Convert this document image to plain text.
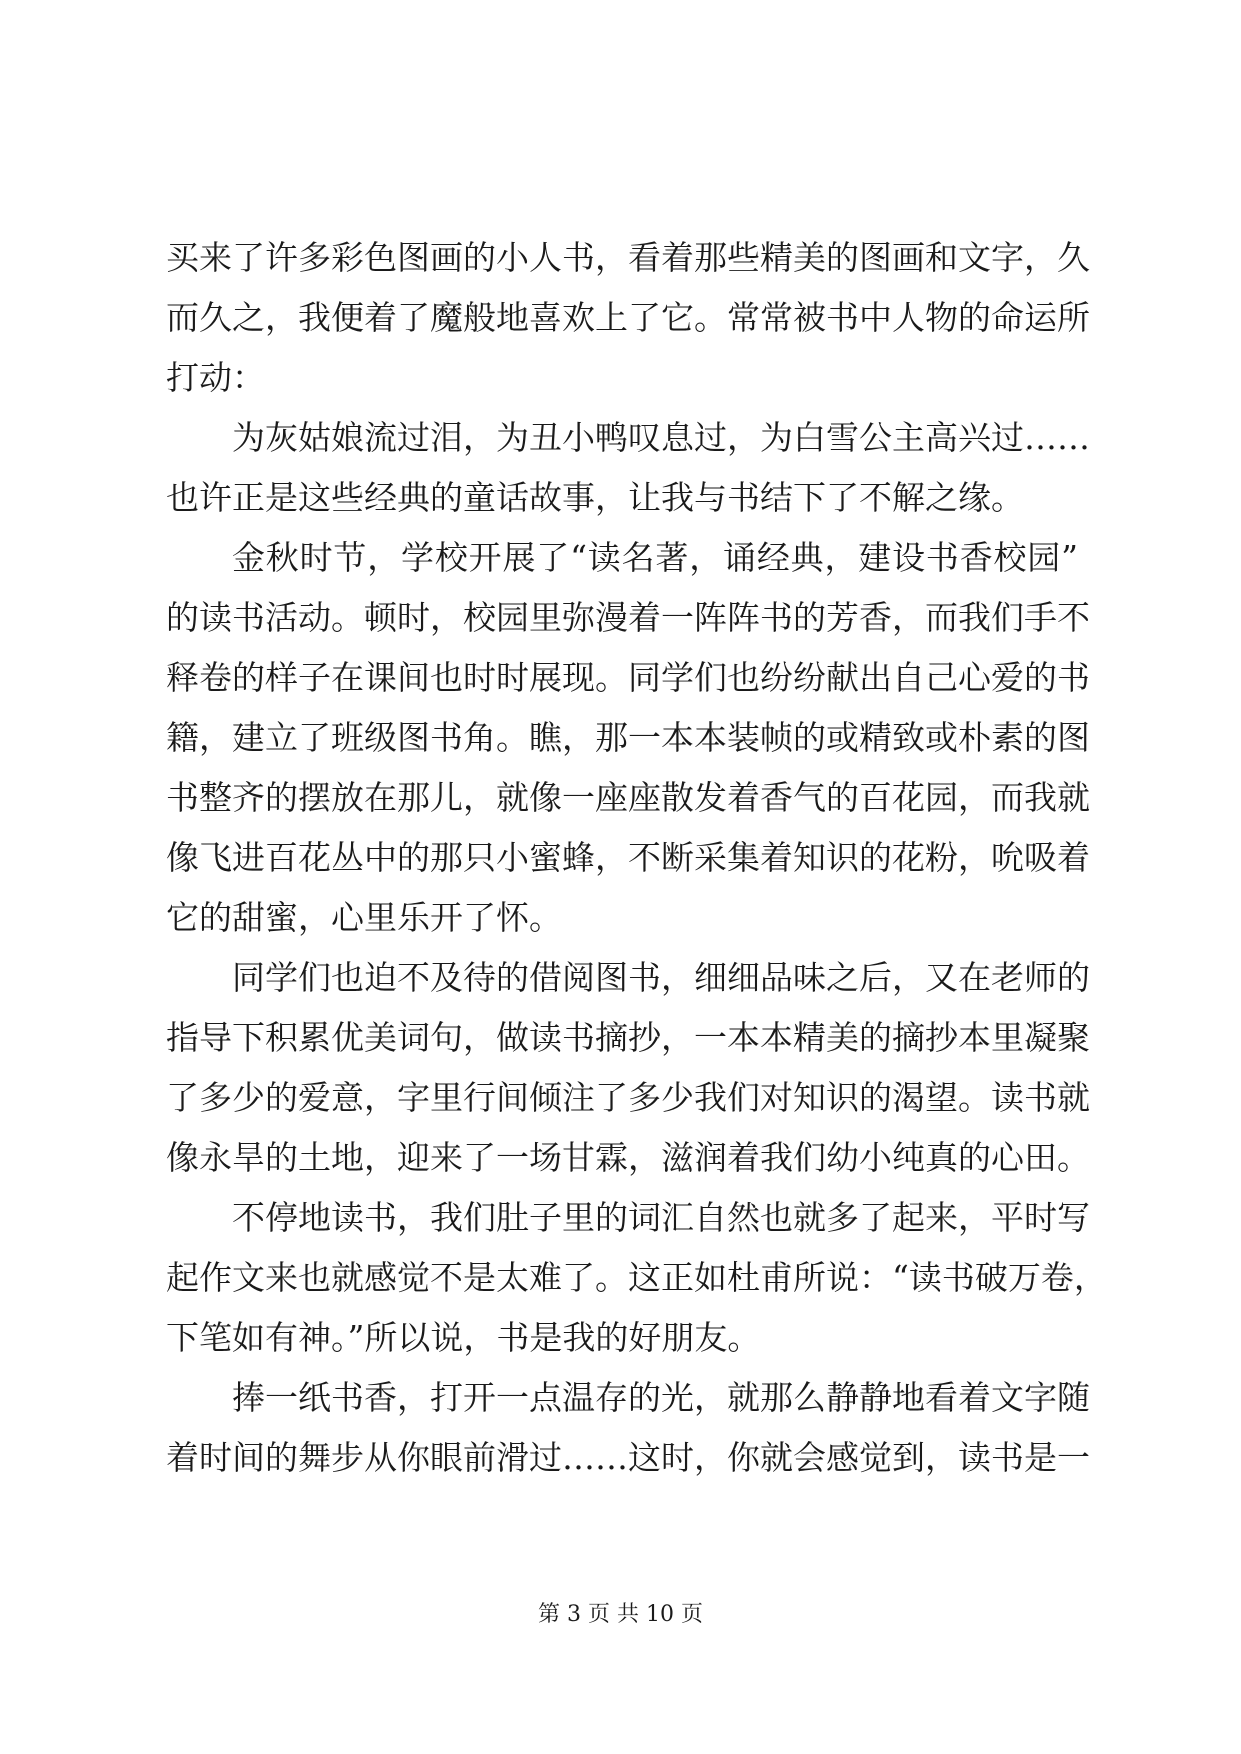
买来了许多彩色图画的小人书，看着那些精美的图画和文字，久
而久之，我便着了魔般地喜欢上了它。常常被书中人物的命运所
打动：
为灰姑娘流过泪，为丑小鸭叹息过，为白雪公主高兴过……
也许正是这些经典的童话故事，让我与书结下了不解之缘。
金秋时节，学校开展了“读名著，诵经典，建设书香校园”
的读书活动。顿时，校园里弥漫着一阵阵书的芳香，而我们手不
释卷的样子在课间也时时展现。同学们也纷纷献出自己心爱的书
籍，建立了班级图书角。瞧，那一本本装帧的或精致或朴素的图
书整齐的摆放在那儿，就像一座座散发着香气的百花园，而我就
像飞进百花丛中的那只小蜜蜂，不断采集着知识的花粉，吮吸着
它的甜蜜，心里乐开了怀。
同学们也迫不及待的借阅图书，细细品味之后，又在老师的
指导下积累优美词句，做读书摘抄，一本本精美的摘抄本里凝聚
了多少的爱意，字里行间倾注了多少我们对知识的渴望。读书就
像永旱的土地，迎来了一场甘霖，滋润着我们幼小纯真的心田。
不停地读书，我们肚子里的词汇自然也就多了起来，平时写
起作文来也就感觉不是太难了。这正如杜甫所说：“读书破万卷，
下笔如有神。”所以说，书是我的好朋友。
捧一纸书香，打开一点温存的光，就那么静静地看着文字随
着时间的舞步从你眼前滑过……这时，你就会感觉到，读书是一
第 3 页 共 10 页
